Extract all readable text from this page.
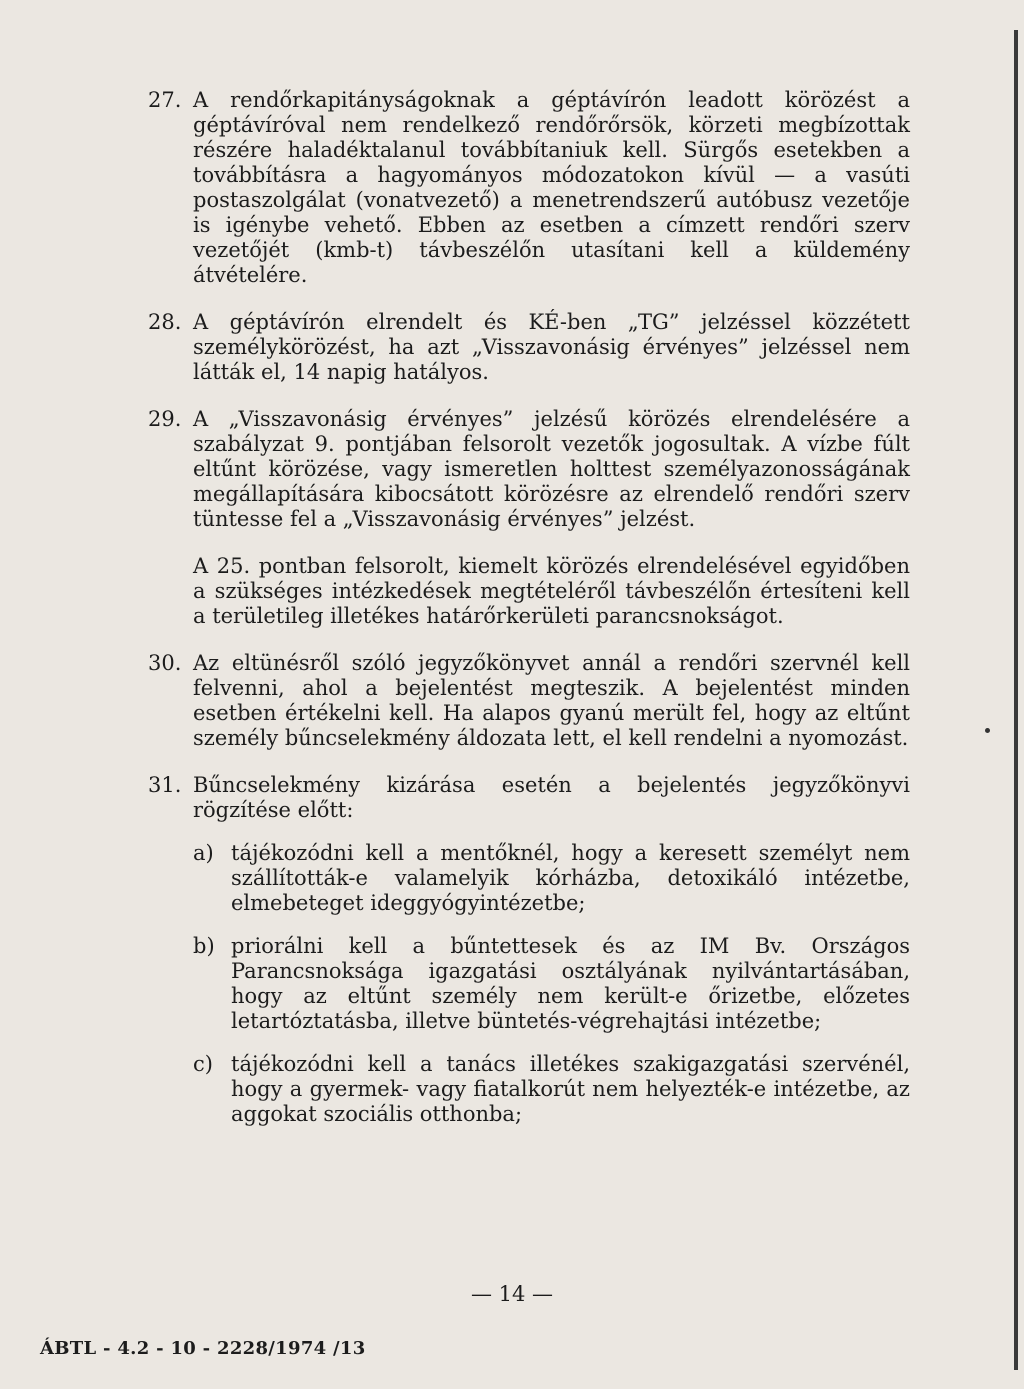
27. A rendőrkapitányságoknak a géptávírón leadott körözést a géptávíróval nem rendelkező rendőrőrsök, körzeti megbízottak részére haladéktalanul továbbítaniuk kell. Sürgős esetekben a továbbításra a hagyományos módozatokon kívül — a vasúti postaszolgálat (vonatvezető) a menetrendszerű autóbusz vezetője is igénybe vehető. Ebben az esetben a címzett rendőri szerv vezetőjét (kmb-t) távbeszélőn utasítani kell a küldemény átvételére.
28. A géptávírón elrendelt és KÉ-ben „TG” jelzéssel közzétett személykörözést, ha azt „Visszavonásig érvényes” jelzéssel nem látták el, 14 napig hatályos.
29. A „Visszavonásig érvényes” jelzésű körözés elrendelésére a szabályzat 9. pontjában felsorolt vezetők jogosultak. A vízbe fúlt eltűnt körözése, vagy ismeretlen holttest személyazonosságának megállapítására kibocsátott körözésre az elrendelő rendőri szerv tüntesse fel a „Visszavonásig érvényes” jelzést.
A 25. pontban felsorolt, kiemelt körözés elrendelésével egyidőben a szükséges intézkedések megtételéről távbeszélőn értesíteni kell a területileg illetékes határőrkerületi parancsnokságot.
30. Az eltünésről szóló jegyzőkönyvet annál a rendőri szervnél kell felvenni, ahol a bejelentést megteszik. A bejelentést minden esetben értékelni kell. Ha alapos gyanú merült fel, hogy az eltűnt személy bűncselekmény áldozata lett, el kell rendelni a nyomozást.
31. Bűncselekmény kizárása esetén a bejelentés jegyzőkönyvi rögzítése előtt:
a) tájékozódni kell a mentőknél, hogy a keresett személyt nem szállították-e valamelyik kórházba, detoxikáló intézetbe, elmebeteget ideggyógyintézetbe;
b) priorálni kell a bűntettesek és az IM Bv. Országos Parancsnoksága igazgatási osztályának nyilvántartásában, hogy az eltűnt személy nem került-e őrizetbe, előzetes letartóztatásba, illetve büntetés-végrehajtási intézetbe;
c) tájékozódni kell a tanács illetékes szakigazgatási szervénél, hogy a gyermek- vagy fiatalkorút nem helyezték-e intézetbe, az aggokat szociális otthonba;
— 14 —
ÁBTL - 4.2 - 10 - 2228/1974 /13
